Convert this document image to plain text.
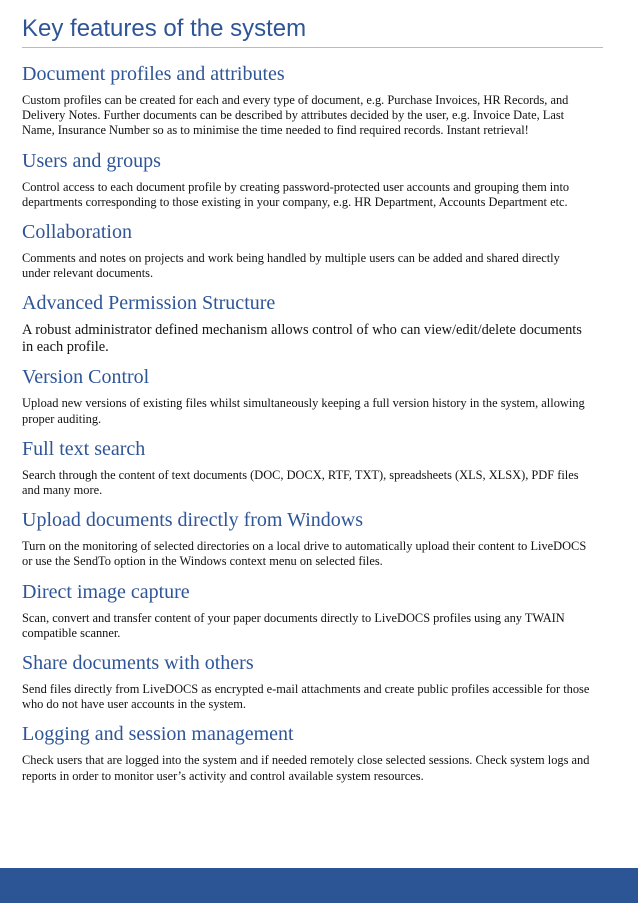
Key features of the system
Document profiles and attributes

Custom profiles can be created for each and every type of document, e.g. Purchase Invoices, HR Records, and Delivery Notes. Further documents can be described by attributes decided by the user, e.g. Invoice Date, Last Name, Insurance Number so as to minimise the time needed to find required records. Instant retrieval!

Users and groups

Control access to each document profile by creating password-protected user accounts and grouping them into departments corresponding to those existing in your company, e.g. HR Department, Accounts Department etc.

Collaboration

Comments and notes on projects and work being handled by multiple users can be added and shared directly under relevant documents.

Advanced Permission Structure

A robust administrator defined mechanism allows control of who can view/edit/delete documents in each profile.

Version Control

Upload new versions of existing files whilst simultaneously keeping a full version history in the system, allowing proper auditing.

Full text search

Search through the content of text documents (DOC, DOCX, RTF, TXT), spreadsheets (XLS, XLSX), PDF files and many more.

Upload documents directly from Windows

Turn on the monitoring of selected directories on a local drive to automatically upload their content to LiveDOCS or use the SendTo option in the Windows context menu on selected files.

Direct image capture

Scan, convert and transfer content of your paper documents directly to LiveDOCS profiles using any TWAIN compatible scanner.

Share documents with others

Send files directly from LiveDOCS as encrypted e-mail attachments and create public profiles accessible for those who do not have user accounts in the system.

Logging and session management

Check users that are logged into the system and if needed remotely close selected sessions. Check system logs and reports in order to monitor user’s activity and control available system resources.
